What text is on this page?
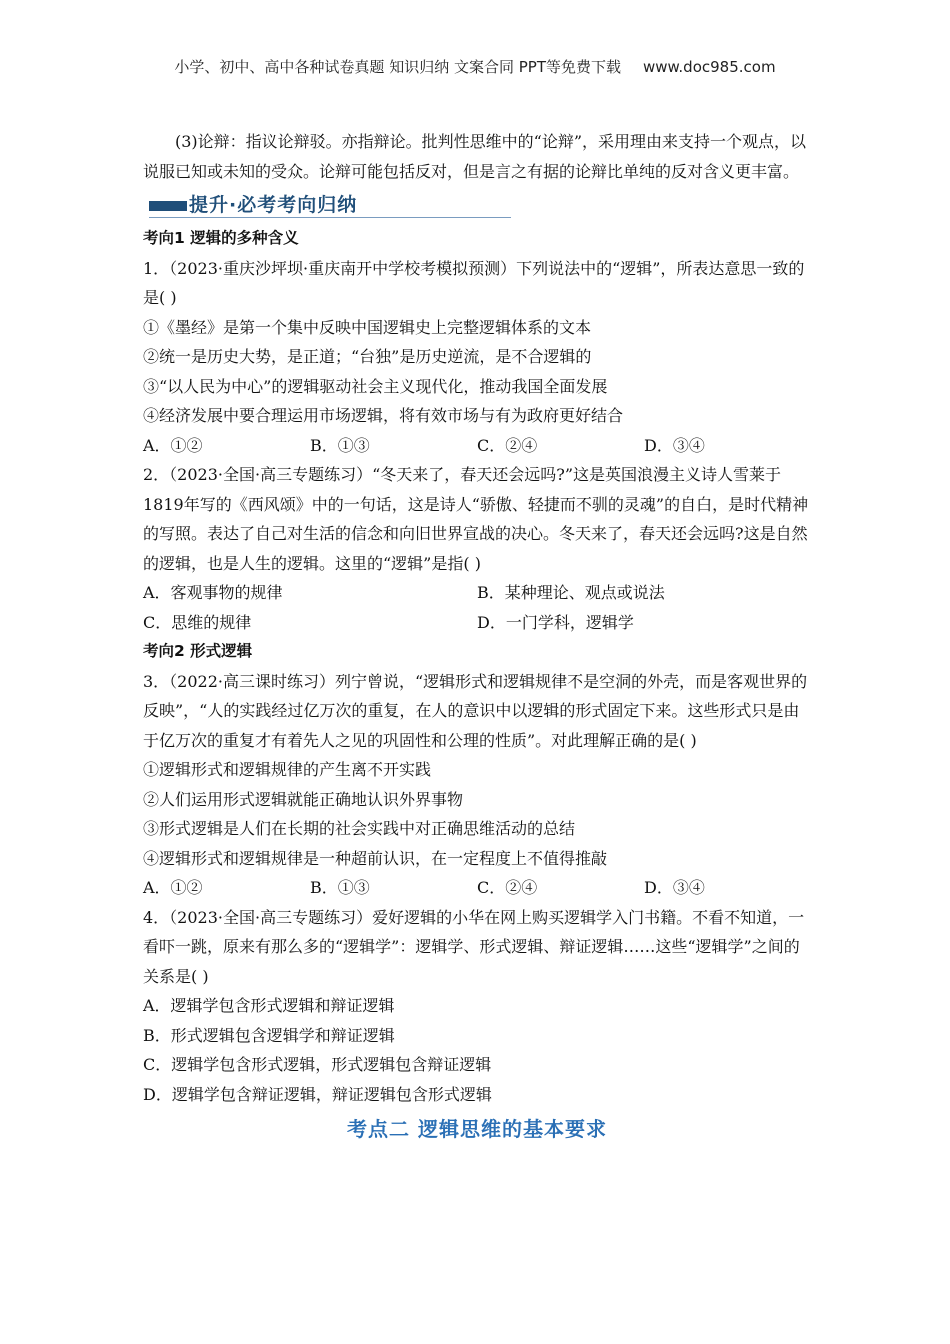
小学、初中、高中各种试卷真题 知识归纳 文案合同 PPT等免费下载 www.doc985.com

(3)论辩：指议论辩驳。亦指辩论。批判性思维中的“论辩”，采用理由来支持一个观点，以说服已知或未知的受众。论辩可能包括反对，但是言之有据的论辩比单纯的反对含义更丰富。

提升·必考考向归纳
考向1 逻辑的多种含义

1．（2023·重庆沙坪坝·重庆南开中学校考模拟预测）下列说法中的“逻辑”，所表达意思一致的是( )

①《墨经》是第一个集中反映中国逻辑史上完整逻辑体系的文本

②统一是历史大势，是正道；“台独”是历史逆流，是不合逻辑的

③“以人民为中心”的逻辑驱动社会主义现代化，推动我国全面发展

④经济发展中要合理运用市场逻辑，将有效市场与有为政府更好结合

A．①②	B．①③	C．②④	D．③④

2．（2023·全国·高三专题练习）“冬天来了，春天还会远吗?”这是英国浪漫主义诗人雪莱于1819年写的《西风颂》中的一句话，这是诗人“骄傲、轻捷而不驯的灵魂”的自白，是时代精神的写照。表达了自己对生活的信念和向旧世界宣战的决心。冬天来了，春天还会远吗?这是自然的逻辑，也是人生的逻辑。这里的“逻辑”是指( )

A．客观事物的规律	B．某种理论、观点或说法
C．思维的规律	D．一门学科，逻辑学
考向2 形式逻辑

3．（2022·高三课时练习）列宁曾说，“逻辑形式和逻辑规律不是空洞的外壳，而是客观世界的反映”，“人的实践经过亿万次的重复，在人的意识中以逻辑的形式固定下来。这些形式只是由于亿万次的重复才有着先人之见的巩固性和公理的性质”。对此理解正确的是( )

①逻辑形式和逻辑规律的产生离不开实践

②人们运用形式逻辑就能正确地认识外界事物

③形式逻辑是人们在长期的社会实践中对正确思维活动的总结

④逻辑形式和逻辑规律是一种超前认识，在一定程度上不值得推敲

A．①②	B．①③	C．②④	D．③④

4．（2023·全国·高三专题练习）爱好逻辑的小华在网上购买逻辑学入门书籍。不看不知道，一看吓一跳，原来有那么多的“逻辑学”：逻辑学、形式逻辑、辩证逻辑……这些“逻辑学”之间的关系是( )

A．逻辑学包含形式逻辑和辩证逻辑

B．形式逻辑包含逻辑学和辩证逻辑

C．逻辑学包含形式逻辑，形式逻辑包含辩证逻辑

D．逻辑学包含辩证逻辑，辩证逻辑包含形式逻辑

考点二 逻辑思维的基本要求
